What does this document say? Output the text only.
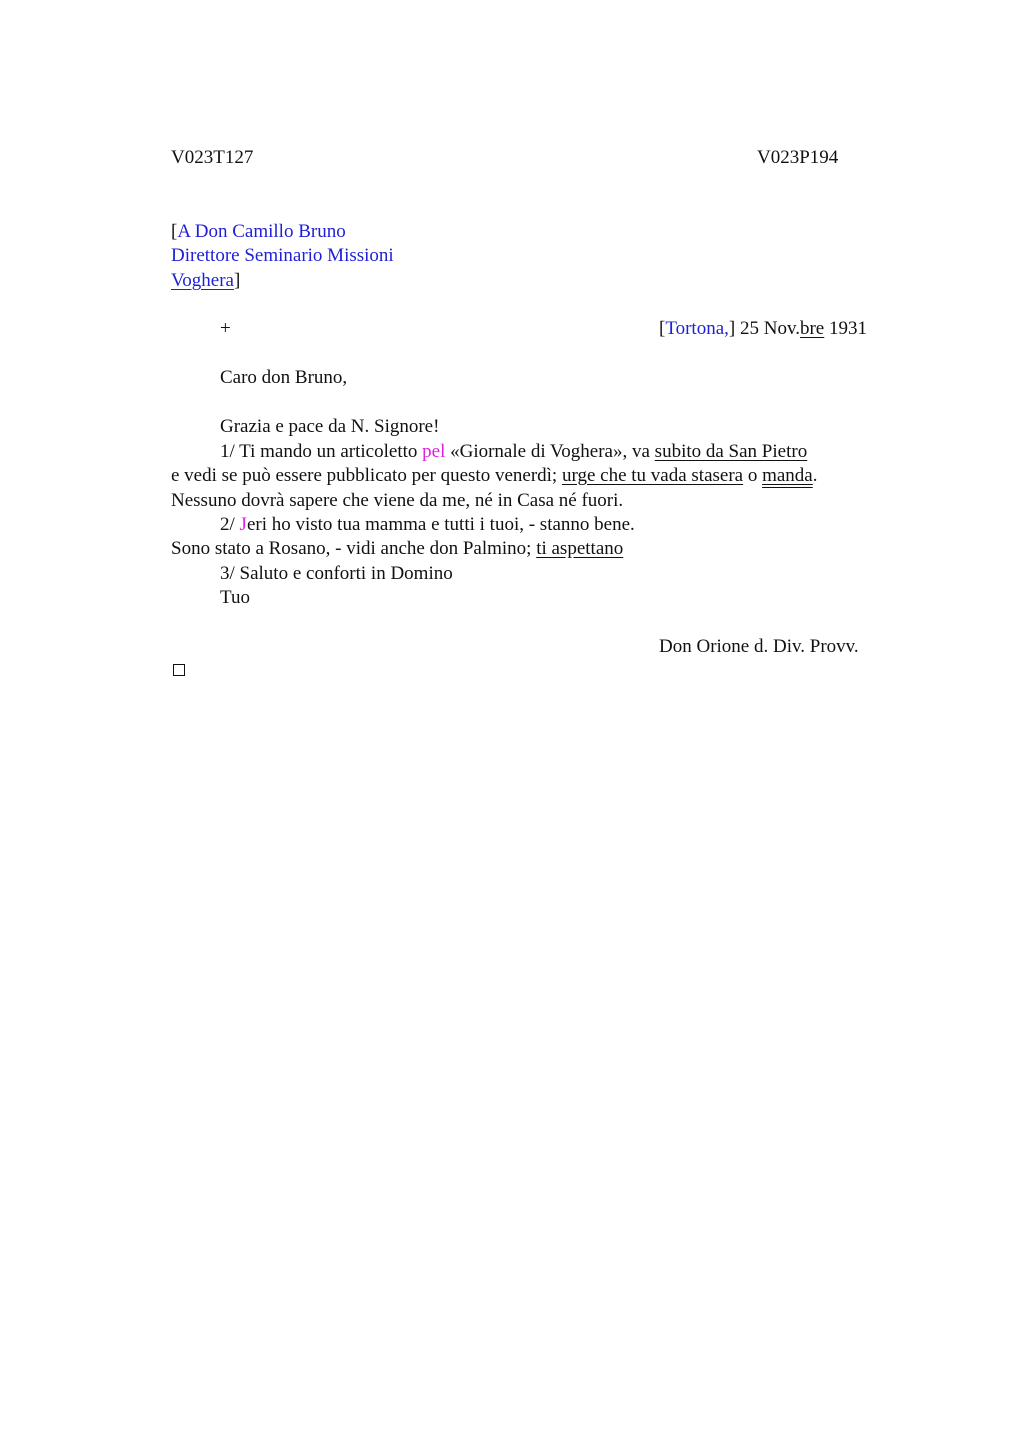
V023T127	V023P194
[A Don Camillo Bruno
Direttore Seminario Missioni
Voghera]
+	[Tortona,] 25 Nov.bre 1931
Caro don Bruno,
Grazia e pace da N. Signore!
1/ Ti mando un articoletto pel «Giornale di Voghera», va subito da San Pietro
e vedi se può essere pubblicato per questo venerdì; urge che tu vada stasera o manda.
Nessuno dovrà sapere che viene da me, né in Casa né fuori.
2/ Jeri ho visto tua mamma e tutti i tuoi, - stanno bene.
Sono stato a Rosano, - vidi anche don Palmino; ti aspettano
3/ Saluto e conforti in Domino
Tuo
Don Orione d. Div. Provv.
